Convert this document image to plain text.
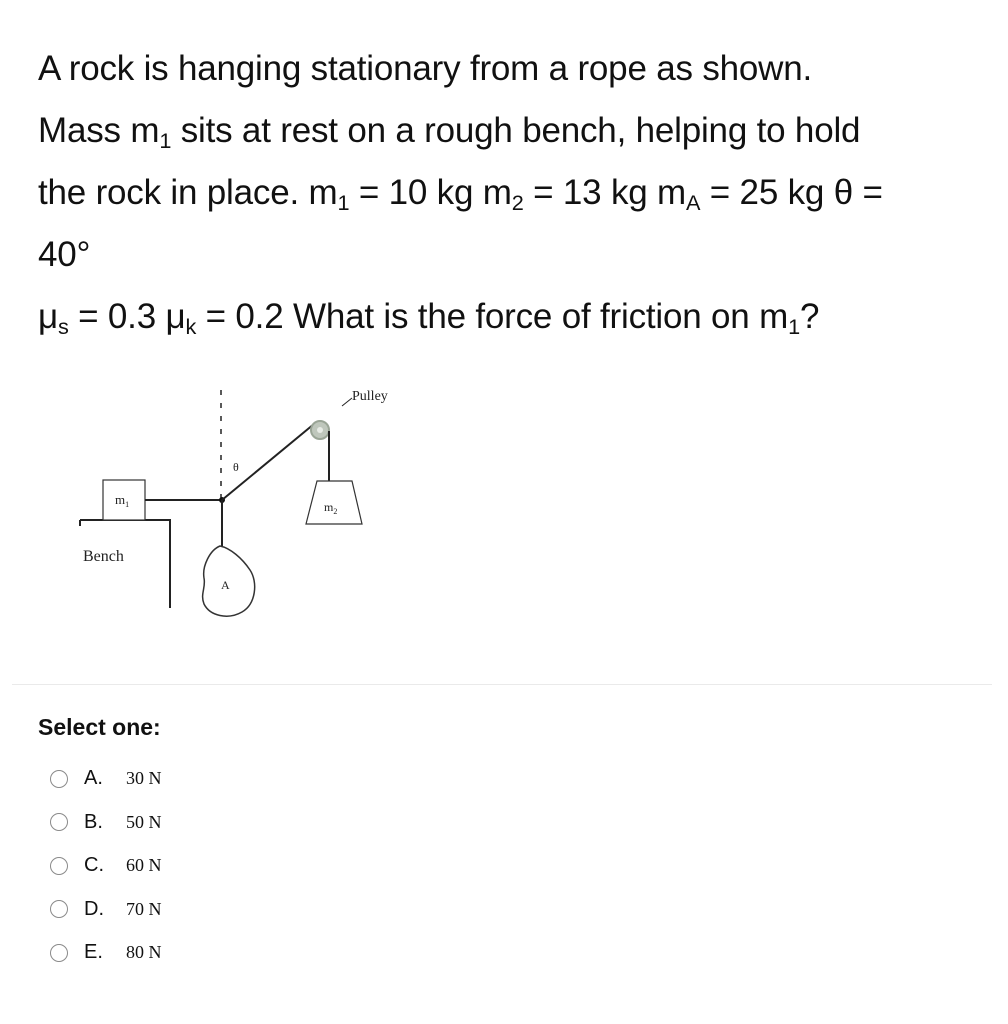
A rock is hanging stationary from a rope as shown.
Mass $m_1$ sits at rest on a rough bench, helping to hold
the rock in place. $m_1 = 10$ kg $m_2 = 13$ kg $m_A = 25$ kg θ =
40°
$\mu_s = 0.3$ $\mu_k = 0.2$ What is the force of friction on $m_1$?
Bench
$m_1$
θ
Pulley
$m_2$
A
Select one:
A.	30 N
B.	50 N
C.	60 N
D.	70 N
E.	80 N
